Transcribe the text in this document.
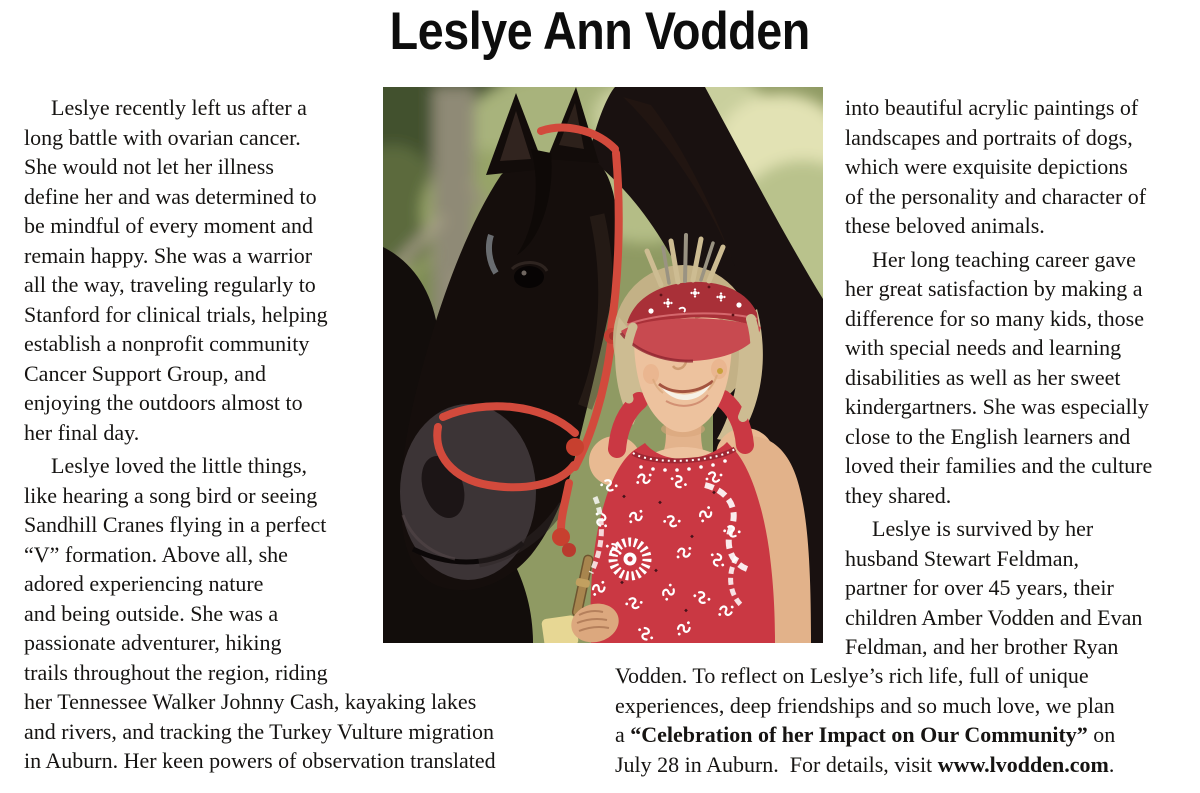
Leslye Ann Vodden
Leslye recently left us after a
long battle with ovarian cancer.
She would not let her illness
define her and was determined to
be mindful of every moment and
remain happy. She was a warrior
all the way, traveling regularly to
Stanford for clinical trials, helping
establish a nonprofit community
Cancer Support Group, and
enjoying the outdoors almost to
her final day.
Leslye loved the little things,
like hearing a song bird or seeing
Sandhill Cranes flying in a perfect
“V” formation. Above all, she
adored experiencing nature
and being outside. She was a
passionate adventurer, hiking
trails throughout the region, riding
her Tennessee Walker Johnny Cash, kayaking lakes
and rivers, and tracking the Turkey Vulture migration
in Auburn. Her keen powers of observation translated
into beautiful acrylic paintings of
landscapes and portraits of dogs,
which were exquisite depictions
of the personality and character of
these beloved animals.
Her long teaching career gave
her great satisfaction by making a
difference for so many kids, those
with special needs and learning
disabilities as well as her sweet
kindergartners. She was especially
close to the English learners and
loved their families and the culture
they shared.
Leslye is survived by her
husband Stewart Feldman,
partner for over 45 years, their
children Amber Vodden and Evan
Feldman, and her brother Ryan
Vodden. To reflect on Leslye’s rich life, full of unique
experiences, deep friendships and so much love, we plan
a “Celebration of her Impact on Our Community” on
July 28 in Auburn.  For details, visit www.lvodden.com.
